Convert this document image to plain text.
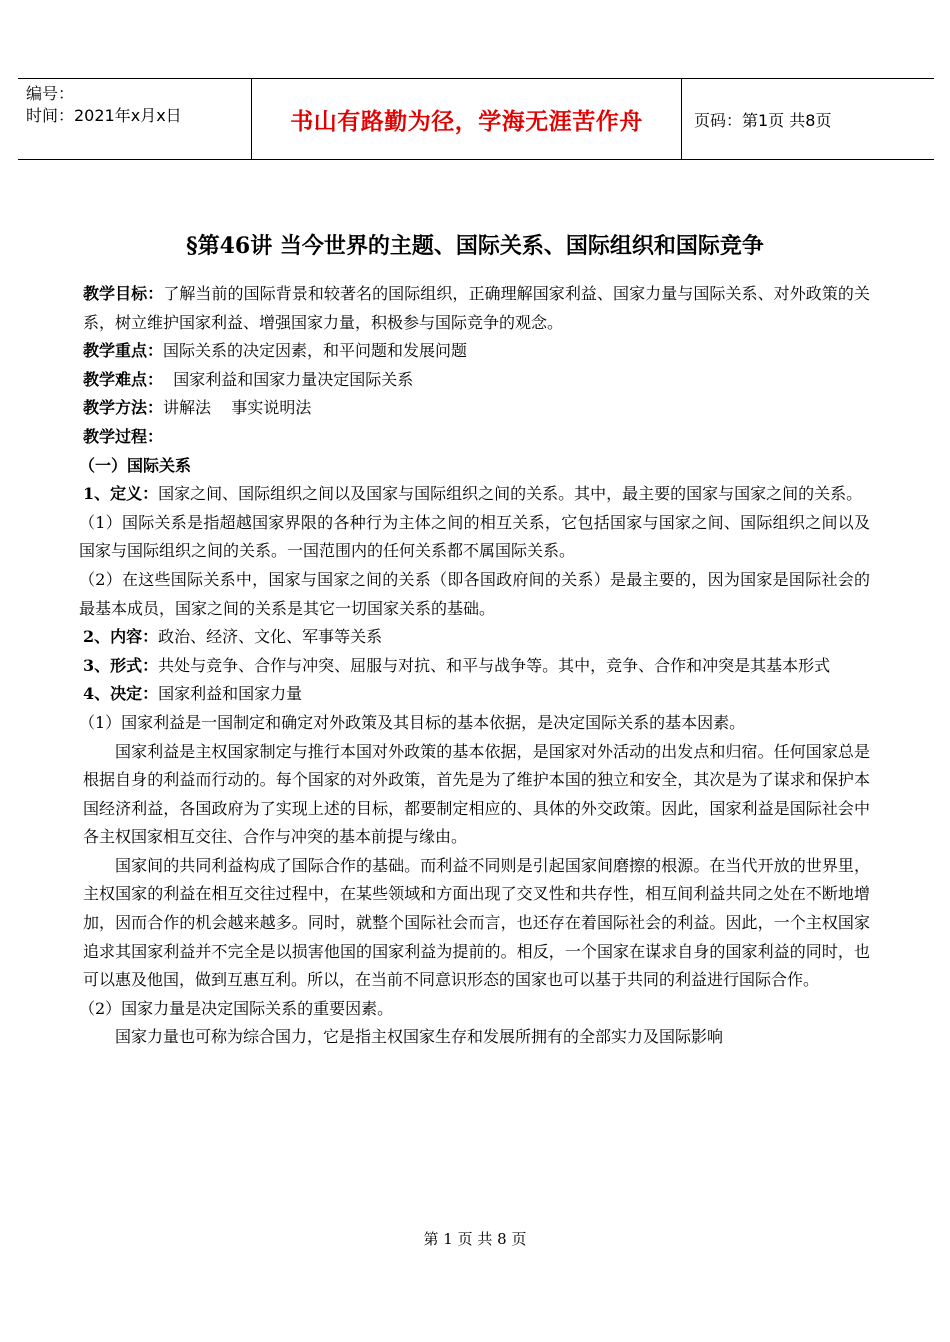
编号：
时间：2021年x月x日	书山有路勤为径，学海无涯苦作舟	页码：第1页 共8页
§第46讲 当今世界的主题、国际关系、国际组织和国际竞争

教学目标：了解当前的国际背景和较著名的国际组织，正确理解国家利益、国家力量与国际关系、对外政策的关系，树立维护国家利益、增强国家力量，积极参与国际竞争的观念。

教学重点：国际关系的决定因素，和平问题和发展问题

教学难点：  国家利益和国家力量决定国际关系

教学方法：讲解法    事实说明法

教学过程：

（一）国际关系

1、定义：国家之间、国际组织之间以及国家与国际组织之间的关系。其中，最主要的国家与国家之间的关系。

（1）国际关系是指超越国家界限的各种行为主体之间的相互关系，它包括国家与国家之间、国际组织之间以及国家与国际组织之间的关系。一国范围内的任何关系都不属国际关系。

（2）在这些国际关系中，国家与国家之间的关系（即各国政府间的关系）是最主要的，因为国家是国际社会的最基本成员，国家之间的关系是其它一切国家关系的基础。

2、内容：政治、经济、文化、军事等关系

3、形式：共处与竞争、合作与冲突、屈服与对抗、和平与战争等。其中，竞争、合作和冲突是其基本形式

4、决定：国家利益和国家力量

（1）国家利益是一国制定和确定对外政策及其目标的基本依据，是决定国际关系的基本因素。

国家利益是主权国家制定与推行本国对外政策的基本依据，是国家对外活动的出发点和归宿。任何国家总是根据自身的利益而行动的。每个国家的对外政策，首先是为了维护本国的独立和安全，其次是为了谋求和保护本国经济利益，各国政府为了实现上述的目标，都要制定相应的、具体的外交政策。因此，国家利益是国际社会中各主权国家相互交往、合作与冲突的基本前提与缘由。

国家间的共同利益构成了国际合作的基础。而利益不同则是引起国家间磨擦的根源。在当代开放的世界里，主权国家的利益在相互交往过程中，在某些领域和方面出现了交叉性和共存性，相互间利益共同之处在不断地增加，因而合作的机会越来越多。同时，就整个国际社会而言，也还存在着国际社会的利益。因此，一个主权国家追求其国家利益并不完全是以损害他国的国家利益为提前的。相反，一个国家在谋求自身的国家利益的同时，也可以惠及他国，做到互惠互利。所以，在当前不同意识形态的国家也可以基于共同的利益进行国际合作。

（2）国家力量是决定国际关系的重要因素。

国家力量也可称为综合国力，它是指主权国家生存和发展所拥有的全部实力及国际影响

第 1 页 共 8 页
